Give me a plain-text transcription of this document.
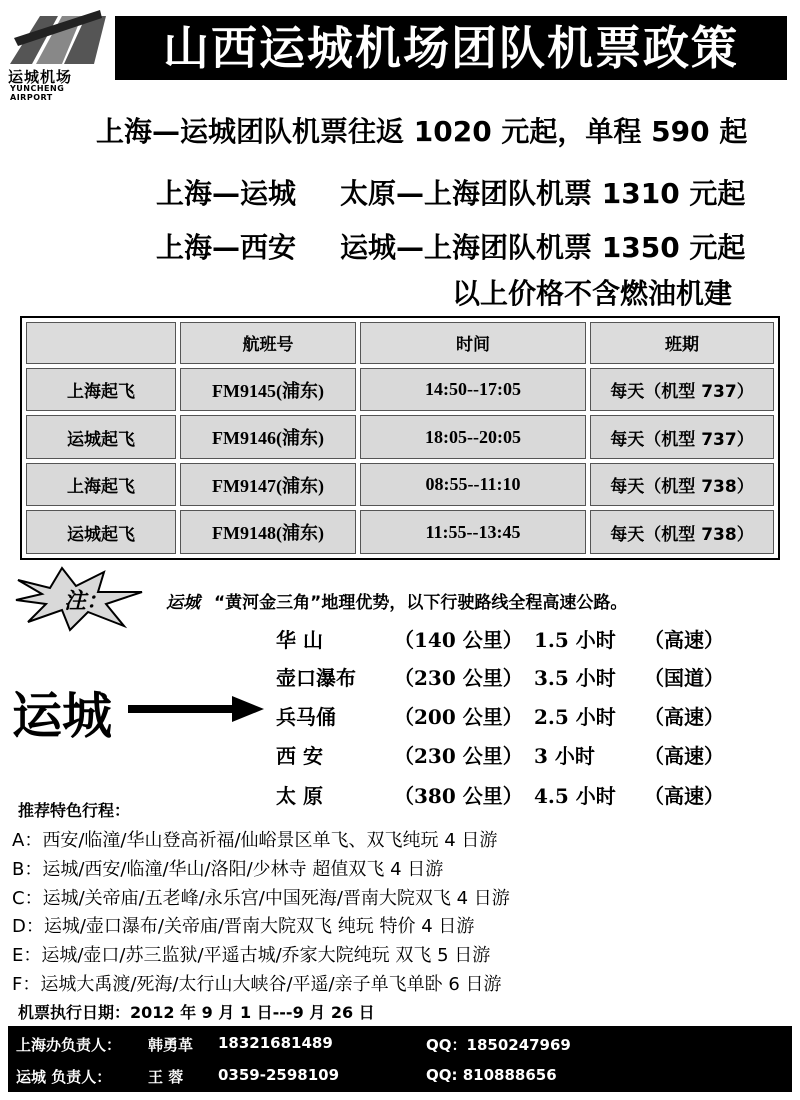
运城机场
YUNCHENG AIRPORT
山西运城机场团队机票政策
上海—运城团队机票往返 1020 元起，单程 590 起
上海—运城 太原—上海团队机票 1310 元起
上海—西安 运城—上海团队机票 1350 元起
以上价格不含燃油机建
	航班号	时间	班期
上海起飞	FM9145(浦东)	14:50--17:05	每天（机型 737）
运城起飞	FM9146(浦东)	18:05--20:05	每天（机型 737）
上海起飞	FM9147(浦东)	08:55--11:10	每天（机型 738）
运城起飞	FM9148(浦东)	11:55--13:45	每天（机型 738）
注：	运城 “黄河金三角”地理优势，以下行驶路线全程高速公路。
运城
华 山	（140 公里） 1.5 小时 （高速）
壶口瀑布	（230 公里） 3.5 小时 （国道）
兵马俑	（200 公里） 2.5 小时 （高速）
西 安	（230 公里） 3 小时 （高速）
太 原	（380 公里） 4.5 小时 （高速）
推荐特色行程：
A：西安/临潼/华山登高祈福/仙峪景区单飞、双飞纯玩 4 日游
B：运城/西安/临潼/华山/洛阳/少林寺 超值双飞 4 日游
C：运城/关帝庙/五老峰/永乐宫/中国死海/晋南大院双飞 4 日游
D：运城/壶口瀑布/关帝庙/晋南大院双飞 纯玩 特价 4 日游
E：运城/壶口/苏三监狱/平遥古城/乔家大院纯玩 双飞 5 日游
F：运城大禹渡/死海/太行山大峡谷/平遥/亲子单飞单卧 6 日游
机票执行日期：2012 年 9 月 1 日---9 月 26 日
上海办负责人： 韩勇革 18321681489	QQ：1850247969
运城 负责人： 王 蓉 0359-2598109	QQ: 810888656
